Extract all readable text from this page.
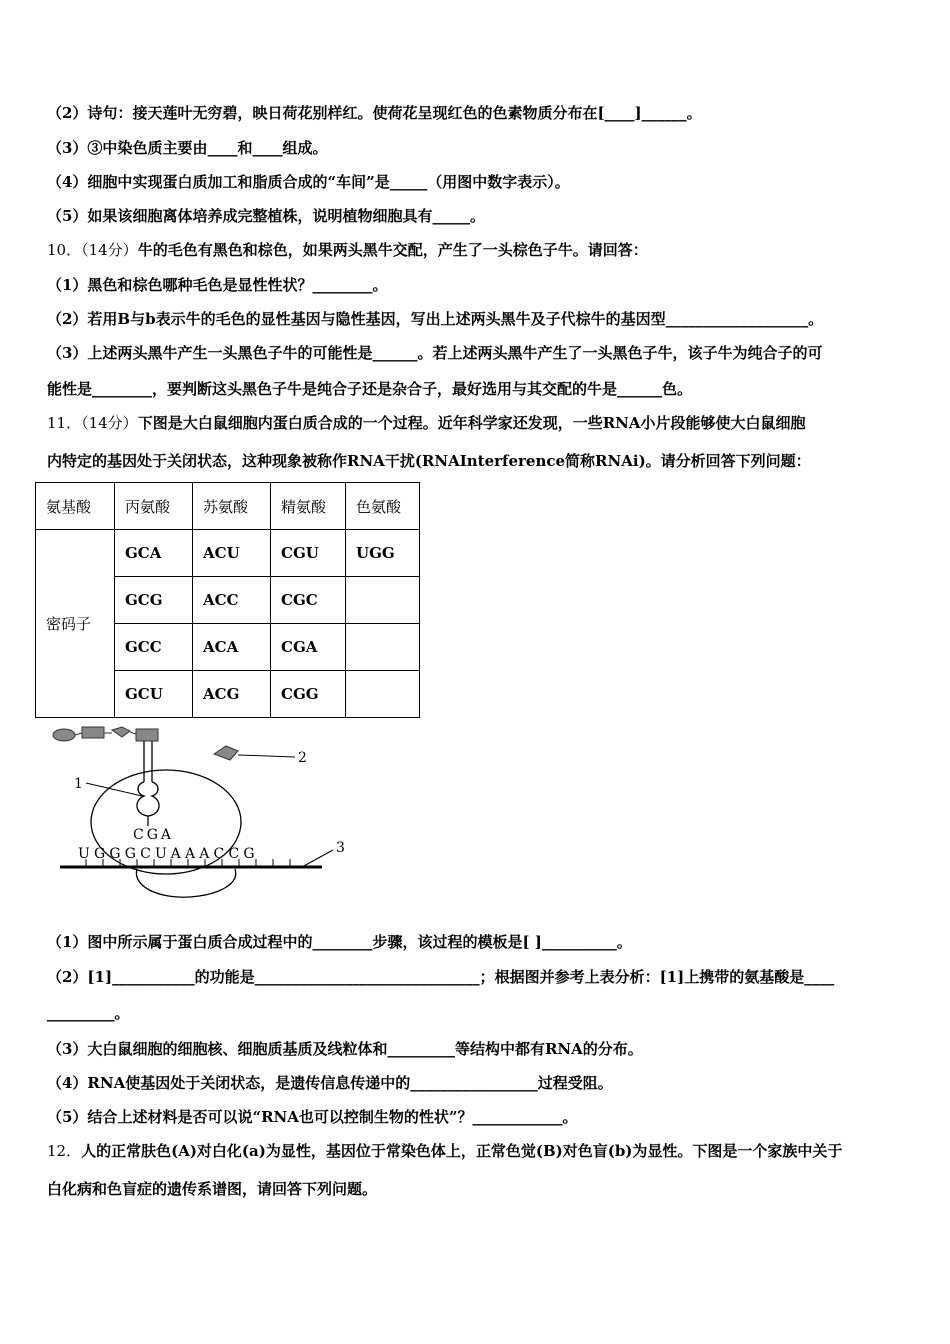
（2）诗句：接天莲叶无穷碧，映日荷花别样红。使荷花呈现红色的色素物质分布在[____]______。
（3）③中染色质主要由____和____组成。
（4）细胞中实现蛋白质加工和脂质合成的“车间”是_____（用图中数字表示）。
（5）如果该细胞离体培养成完整植株，说明植物细胞具有_____。
10．（14分）牛的毛色有黑色和棕色，如果两头黑牛交配，产生了一头棕色子牛。请回答：
（1）黑色和棕色哪种毛色是显性性状？________。
（2）若用B与b表示牛的毛色的显性基因与隐性基因，写出上述两头黑牛及子代棕牛的基因型___________________。
（3）上述两头黑牛产生一头黑色子牛的可能性是______。若上述两头黑牛产生了一头黑色子牛，该子牛为纯合子的可
能性是________，要判断这头黑色子牛是纯合子还是杂合子，最好选用与其交配的牛是______色。
11．（14分）下图是大白鼠细胞内蛋白质合成的一个过程。近年科学家还发现，一些RNA小片段能够使大白鼠细胞
内特定的基因处于关闭状态，这种现象被称作RNA干扰(RNAInterference简称RNAi)。请分析回答下列问题：
氨基酸	丙氨酸	苏氨酸	精氨酸	色氨酸
密码子	GCA	ACU	CGU	UGG
	GCG	ACC	CGC	
	GCC	ACA	CGA	
	GCU	ACG	CGG	
2
1
CGA
UGGGCUAAACCG	3
（1）图中所示属于蛋白质合成过程中的________步骤，该过程的模板是[ ]__________。
（2）[1]___________的功能是______________________________；根据图并参考上表分析：[1]上携带的氨基酸是____
_________。
（3）大白鼠细胞的细胞核、细胞质基质及线粒体和_________等结构中都有RNA的分布。
（4）RNA使基因处于关闭状态，是遗传信息传递中的_________________过程受阻。
（5）结合上述材料是否可以说“RNA也可以控制生物的性状”？____________。
12．人的正常肤色(A)对白化(a)为显性，基因位于常染色体上，正常色觉(B)对色盲(b)为显性。下图是一个家族中关于
白化病和色盲症的遗传系谱图，请回答下列问题。
